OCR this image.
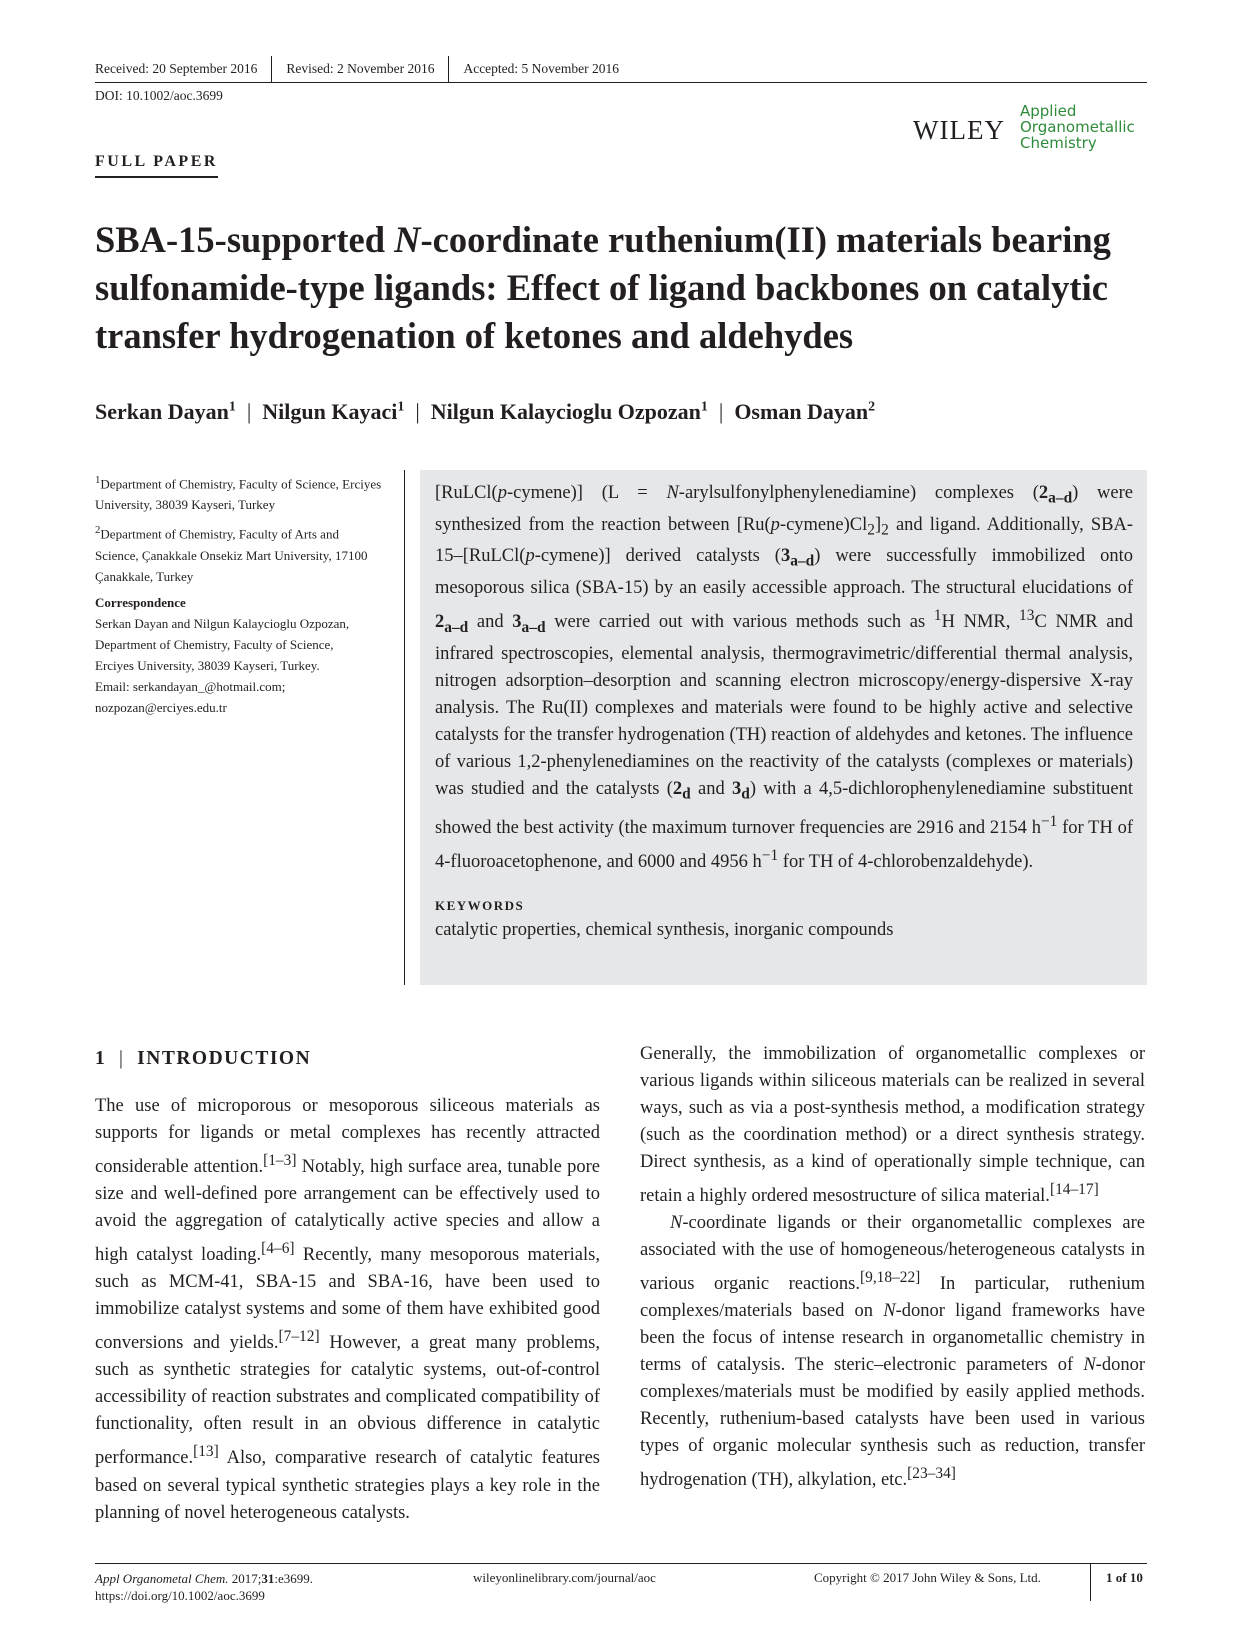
Received: 20 September 2016 Revised: 2 November 2016 Accepted: 5 November 2016
DOI: 10.1002/aoc.3699
WILEY
Applied
Organometallic
Chemistry
FULL PAPER
SBA-15-supported N-coordinate ruthenium(II) materials bearing sulfonamide-type ligands: Effect of ligand backbones on catalytic transfer hydrogenation of ketones and aldehydes
Serkan Dayan$^1$ | Nilgun Kayaci$^1$ | Nilgun Kalaycioglu Ozpozan$^1$ | Osman Dayan$^2$

$^1$Department of Chemistry, Faculty of Science, Erciyes University, 38039 Kayseri, Turkey

$^2$Department of Chemistry, Faculty of Arts and Science, Çanakkale Onsekiz Mart University, 17100 Çanakkale, Turkey

Correspondence

Serkan Dayan and Nilgun Kalaycioglu Ozpozan,
Department of Chemistry, Faculty of Science,
Erciyes University, 38039 Kayseri, Turkey.
Email: serkandayan_@hotmail.com;
nozpozan@erciyes.edu.tr
[RuLCl(p-cymene)] (L = N-arylsulfonylphenylenediamine) complexes $(2_{a-d})$ were synthesized from the reaction between $[Ru(p-cymene)Cl_2]_2$ and ligand. Additionally, SBA-15–[RuLCl(p-cymene)] derived catalysts $(3_{a-d})$ were successfully immobilized onto mesoporous silica (SBA-15) by an easily accessible approach. The structural elucidations of $2_{a-d}$ and $3_{a-d}$ were carried out with various methods such as $^1$H NMR, $^{13}$C NMR and infrared spectroscopies, elemental analysis, thermogravimetric/differential thermal analysis, nitrogen adsorption–desorption and scanning electron microscopy/energy-dispersive X-ray analysis. The Ru(II) complexes and materials were found to be highly active and selective catalysts for the transfer hydrogenation (TH) reaction of aldehydes and ketones. The influence of various 1,2-phenylenediamines on the reactivity of the catalysts (complexes or materials) was studied and the catalysts ($2_d$ and $3_d$) with a 4,5-dichlorophenylenediamine substituent showed the best activity (the maximum turnover frequencies are 2916 and 2154 $h^{-1}$ for TH of 4-fluoroacetophenone, and 6000 and 4956 $h^{-1}$ for TH of 4-chlorobenzaldehyde).
KEYWORDS
catalytic properties, chemical synthesis, inorganic compounds
1 | INTRODUCTION

The use of microporous or mesoporous siliceous materials as supports for ligands or metal complexes has recently attracted considerable attention.[1–3] Notably, high surface area, tunable pore size and well-defined pore arrangement can be effectively used to avoid the aggregation of catalytically active species and allow a high catalyst loading.[4–6] Recently, many mesoporous materials, such as MCM-41, SBA-15 and SBA-16, have been used to immobilize catalyst systems and some of them have exhibited good conversions and yields.[7–12] However, a great many problems, such as synthetic strategies for catalytic systems, out-of-control accessibility of reaction substrates and complicated compatibility of functionality, often result in an obvious difference in catalytic performance.[13] Also, comparative research of catalytic features based on several typical synthetic strategies plays a key role in the planning of novel heterogeneous catalysts.

Generally, the immobilization of organometallic complexes or various ligands within siliceous materials can be realized in several ways, such as via a post-synthesis method, a modification strategy (such as the coordination method) or a direct synthesis strategy. Direct synthesis, as a kind of operationally simple technique, can retain a highly ordered mesostructure of silica material.[14–17]

N-coordinate ligands or their organometallic complexes are associated with the use of homogeneous/heterogeneous catalysts in various organic reactions.[9,18–22] In particular, ruthenium complexes/materials based on N-donor ligand frameworks have been the focus of intense research in organometallic chemistry in terms of catalysis. The steric–electronic parameters of N-donor complexes/materials must be modified by easily applied methods. Recently, ruthenium-based catalysts have been used in various types of organic molecular synthesis such as reduction, transfer hydrogenation (TH), alkylation, etc.[23–34]

Appl Organometal Chem. 2017;31:e3699.
https://doi.org/10.1002/aoc.3699
wileyonlinelibrary.com/journal/aoc	Copyright © 2017 John Wiley & Sons, Ltd.	1 of 10
